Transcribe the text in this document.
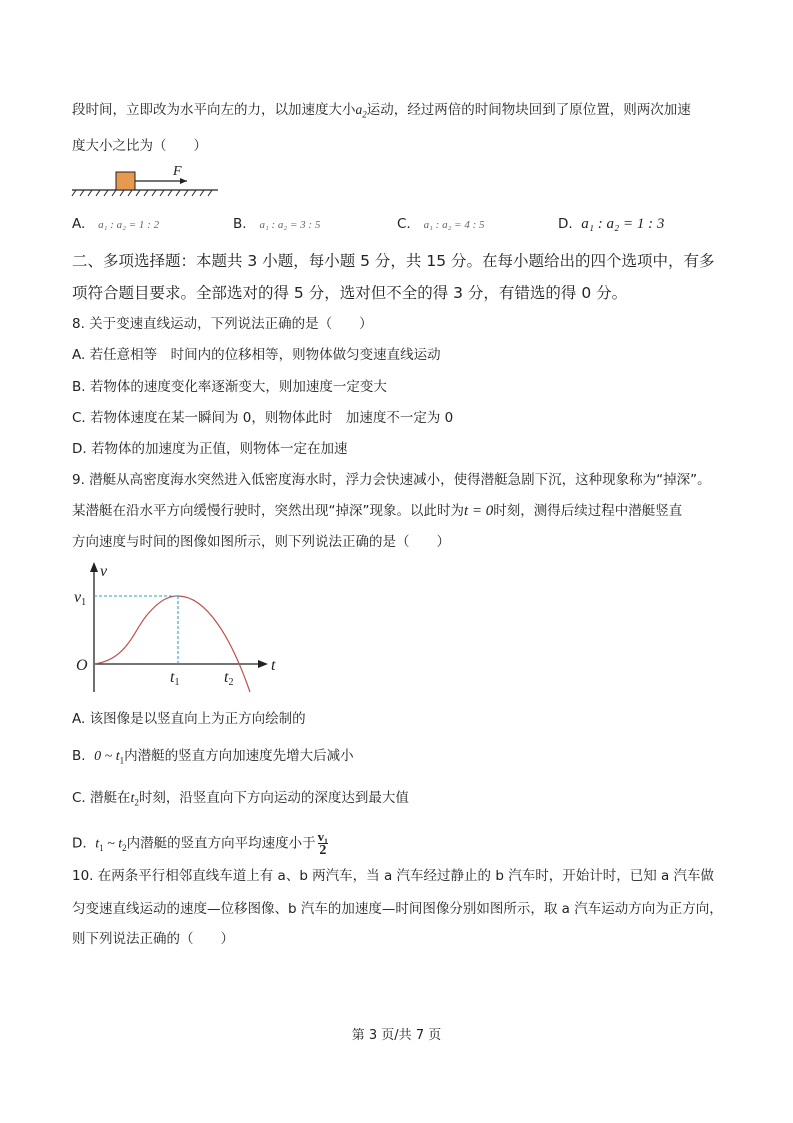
段时间，立即改为水平向左的力，以加速度大小$a_2$运动，经过两倍的时间物块回到了原位置，则两次加速
度大小之比为（　　）
F
A. a₁ : a₂ = 1 : 2	B. a₁ : a₂ = 3 : 5	C. a₁ : a₂ = 4 : 5	D. a₁ : a₂ = 1 : 3
二、多项选择题：本题共 3 小题，每小题 5 分，共 15 分。在每小题给出的四个选项中，有多
项符合题目要求。全部选对的得 5 分，选对但不全的得 3 分，有错选的得 0 分。
8. 关于变速直线运动，下列说法正确的是（　　）
A. 若任意相等　时间内的位移相等，则物体做匀变速直线运动
B. 若物体的速度变化率逐渐变大，则加速度一定变大
C. 若物体速度在某一瞬间为 0，则物体此时　加速度不一定为 0
D. 若物体的加速度为正值，则物体一定在加速
9. 潜艇从高密度海水突然进入低密度海水时，浮力会快速减小，使得潜艇急剧下沉，这种现象称为“掉深”。
某潜艇在沿水平方向缓慢行驶时，突然出现“掉深”现象。以此时为t = 0时刻，测得后续过程中潜艇竖直
方向速度与时间的图像如图所示，则下列说法正确的是（　　）
v
t
O
v1
t1	t2
A. 该图像是以竖直向上为正方向绘制的
B. 0 ~ $t_1$内潜艇的竖直方向加速度先增大后减小
C. 潜艇在$t_2$时刻，沿竖直向下方向运动的深度达到最大值
D. $t_1$ ~ $t_2$内潜艇的竖直方向平均速度小于 $\frac{\text{v₁}}{2}$
10. 在两条平行相邻直线车道上有 a、b 两汽车，当 a 汽车经过静止的 b 汽车时，开始计时，已知 a 汽车做
匀变速直线运动的速度—位移图像、b 汽车的加速度—时间图像分别如图所示，取 a 汽车运动方向为正方向，
则下列说法正确的（　　）
第 3 页/共 7 页
